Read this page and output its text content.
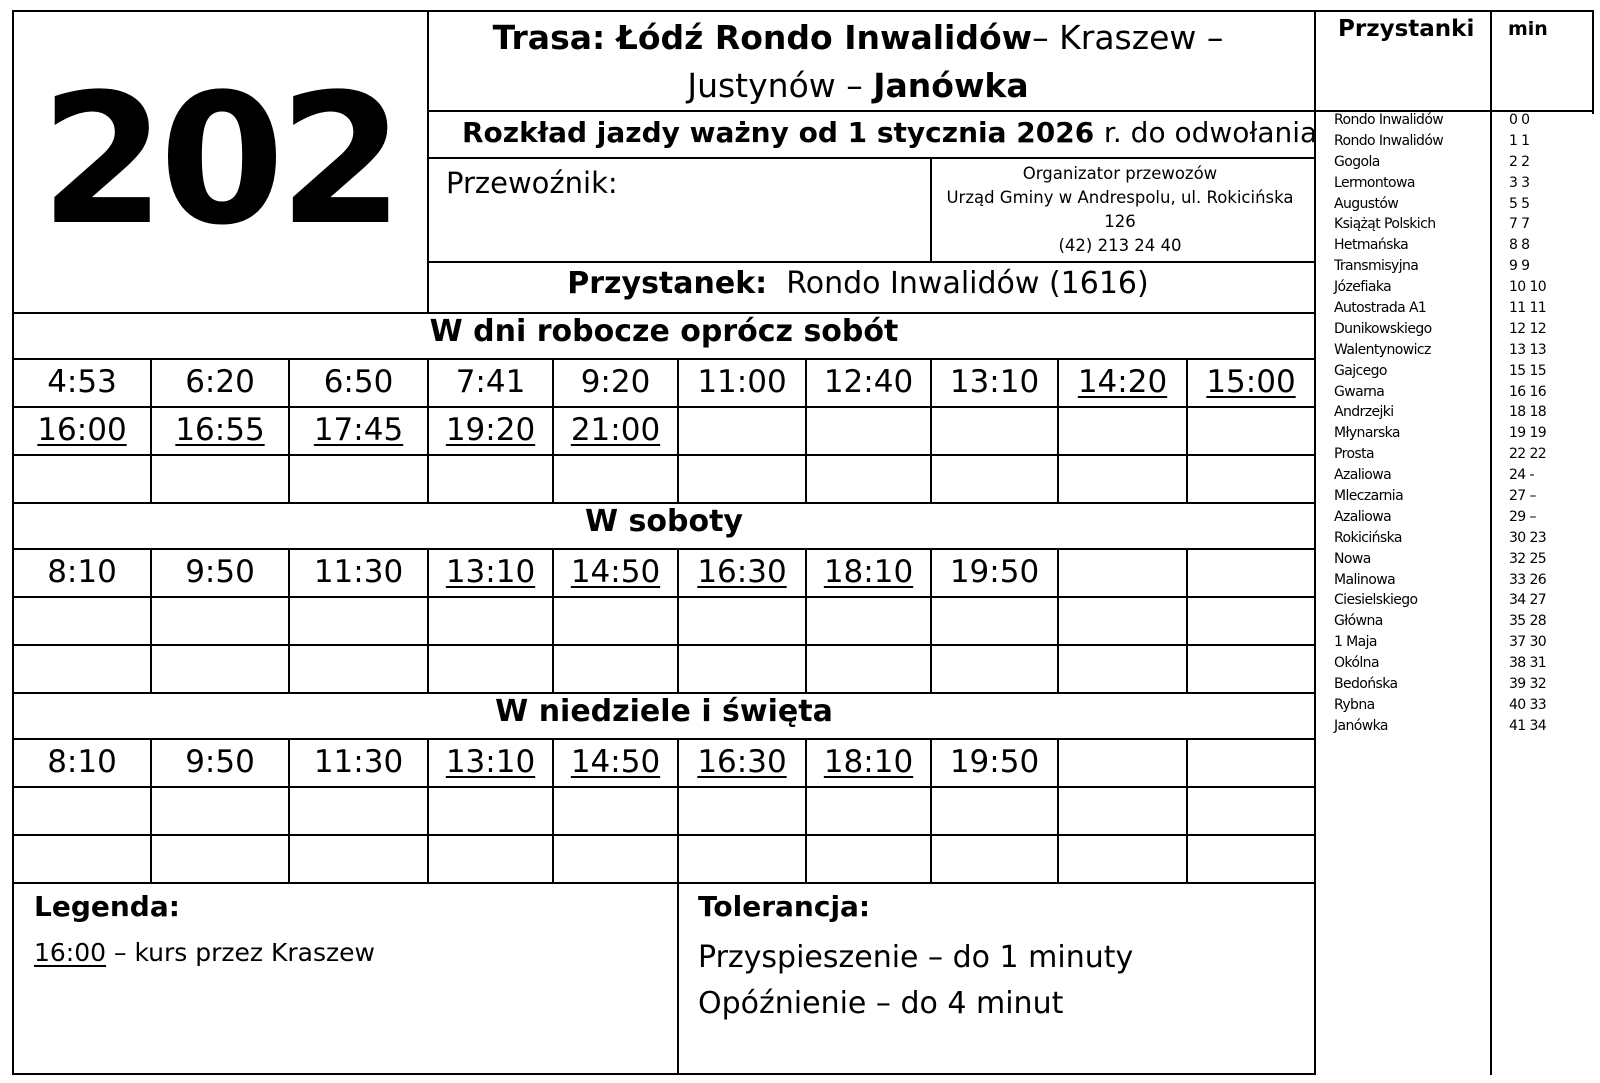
202
Trasa: Łódź Rondo Inwalidów– Kraszew –
Justynów – Janówka
Rozkład jazdy ważny od 1 stycznia 2026 r. do odwołania
Przewoźnik:	Organizator przewozów
Urząd Gminy w Andrespolu, ul. Rokicińska
126
(42) 213 24 40
Przystanek: Rondo Inwalidów (1616)
W dni robocze oprócz sobót
W soboty
W niedziele i święta
4:53	6:20	6:50	7:41	9:20	11:00	12:40	13:10	14:20	15:00
16:00	16:55	17:45	19:20	21:00
8:10	9:50	11:30	13:10	14:50	16:30	18:10	19:50
8:10	9:50	11:30	13:10	14:50	16:30	18:10	19:50
Legenda:
16:00 – kurs przez Kraszew
Tolerancja:
Przyspieszenie – do 1 minuty
Opóźnienie – do 4 minut
Przystanki min
Rondo Inwalidów	0 0
Rondo Inwalidów	1 1
Gogola	2 2
Lermontowa	3 3
Augustów	5 5
Książąt Polskich	7 7
Hetmańska	8 8
Transmisyjna	9 9
Józefiaka	10 10
Autostrada A1	11 11
Dunikowskiego	12 12
Walentynowicz	13 13
Gajcego	15 15
Gwarna	16 16
Andrzejki	18 18
Młynarska	19 19
Prosta	22 22
Azaliowa	24 -
Mleczarnia	27 –
Azaliowa	29 –
Rokicińska	30 23
Nowa	32 25
Malinowa	33 26
Ciesielskiego	34 27
Główna	35 28
1 Maja	37 30
Okólna	38 31
Bedońska	39 32
Rybna	40 33
Janówka	41 34
